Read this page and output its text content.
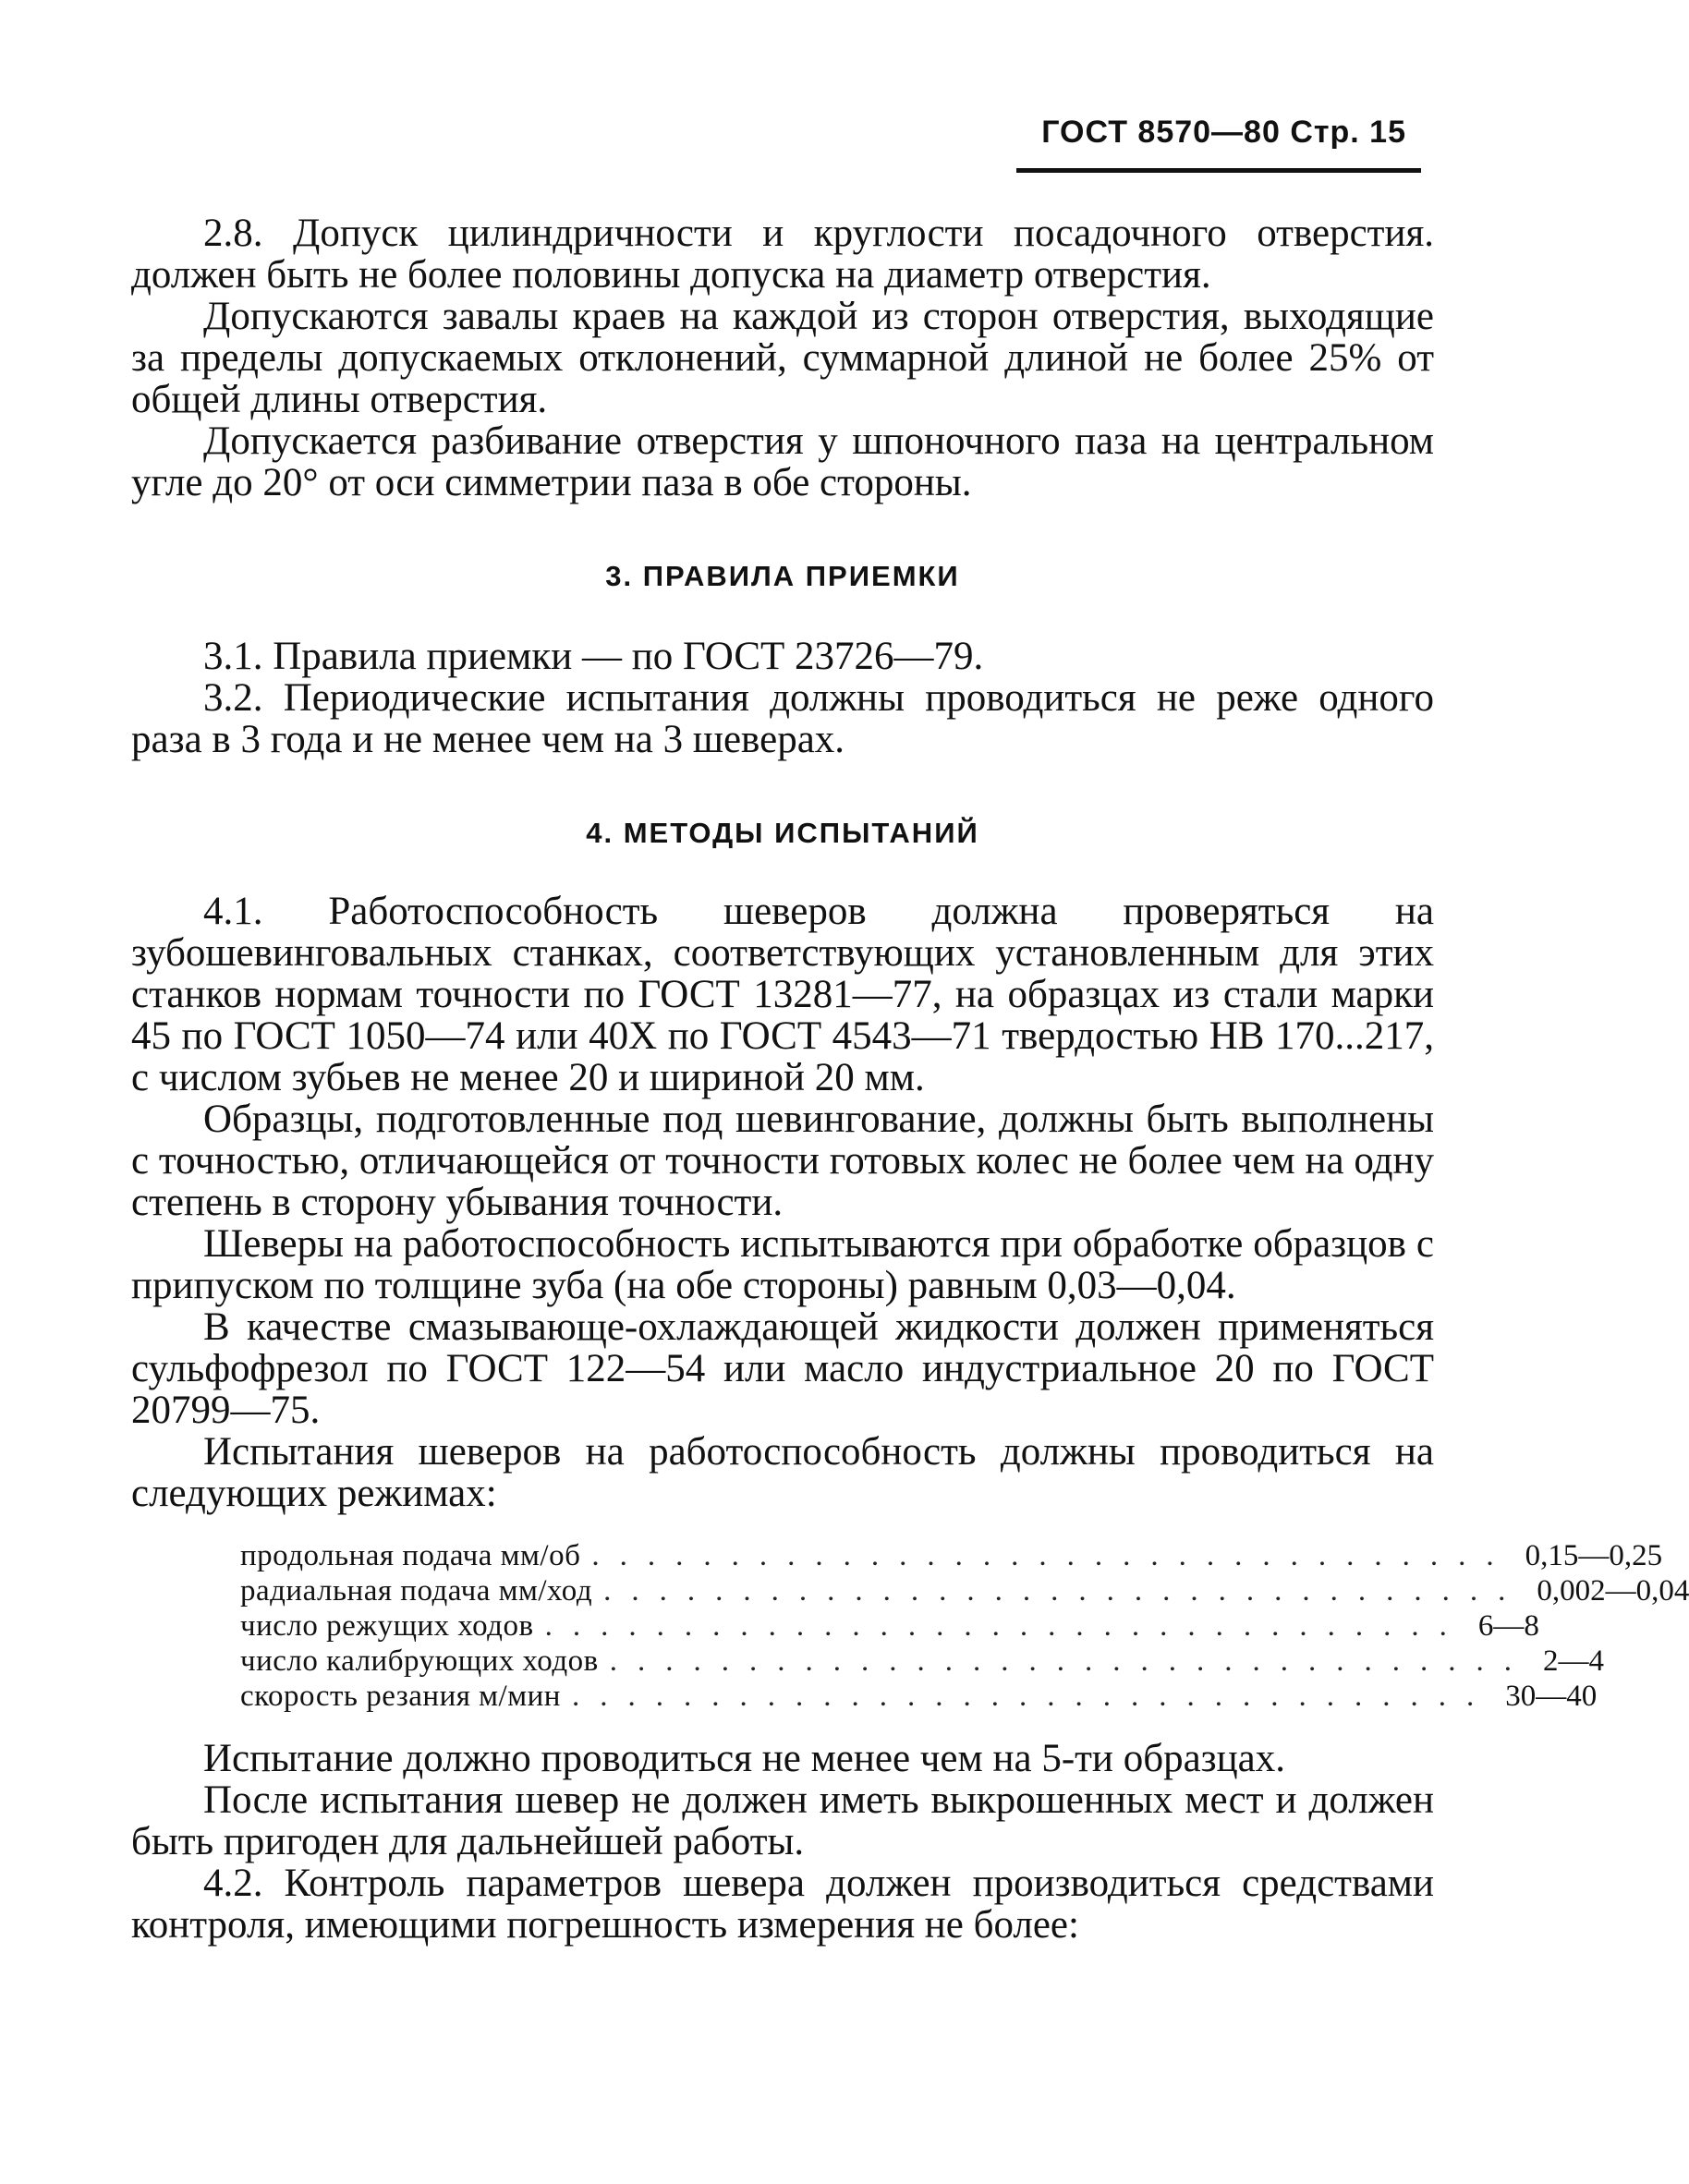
ГОСТ 8570—80 Стр. 15

2.8. Допуск цилиндричности и круглости посадочного отверстия. должен быть не более половины допуска на диаметр отверстия.

Допускаются завалы краев на каждой из сторон отверстия, выходящие за пределы допускаемых отклонений, суммарной длиной не более 25% от общей длины отверстия.

Допускается разбивание отверстия у шпоночного паза на центральном угле до 20° от оси симметрии паза в обе стороны.

3. ПРАВИЛА ПРИЕМКИ

3.1. Правила приемки — по ГОСТ 23726—79.

3.2. Периодические испытания должны проводиться не реже одного раза в 3 года и не менее чем на 3 шеверах.

4. МЕТОДЫ ИСПЫТАНИЙ

4.1. Работоспособность шеверов должна проверяться на зубошевинговальных станках, соответствующих установленным для этих станков нормам точности по ГОСТ 13281—77, на образцах из стали марки 45 по ГОСТ 1050—74 или 40Х по ГОСТ 4543—71 твердостью НВ 170...217, с числом зубьев не менее 20 и шириной 20 мм.

Образцы, подготовленные под шевингование, должны быть выполнены с точностью, отличающейся от точности готовых колес не более чем на одну степень в сторону убывания точности.

Шеверы на работоспособность испытываются при обработке образцов с припуском по толщине зуба (на обе стороны) равным 0,03—0,04.

В качестве смазывающе-охлаждающей жидкости должен применяться сульфофрезол по ГОСТ 122—54 или масло индустриальное 20 по ГОСТ 20799—75.

Испытания шеверов на работоспособность должны проводиться на следующих режимах:

продольная подача мм/об ................................. 0,15—0,25
радиальная подача мм/ход ................................. 0,002—0,04
число режущих ходов ................................. 6—8
число калибрующих ходов ................................. 2—4
скорость резания м/мин ................................. 30—40

Испытание должно проводиться не менее чем на 5-ти образцах.

После испытания шевер не должен иметь выкрошенных мест и должен быть пригоден для дальнейшей работы.

4.2. Контроль параметров шевера должен производиться средствами контроля, имеющими погрешность измерения не более:
